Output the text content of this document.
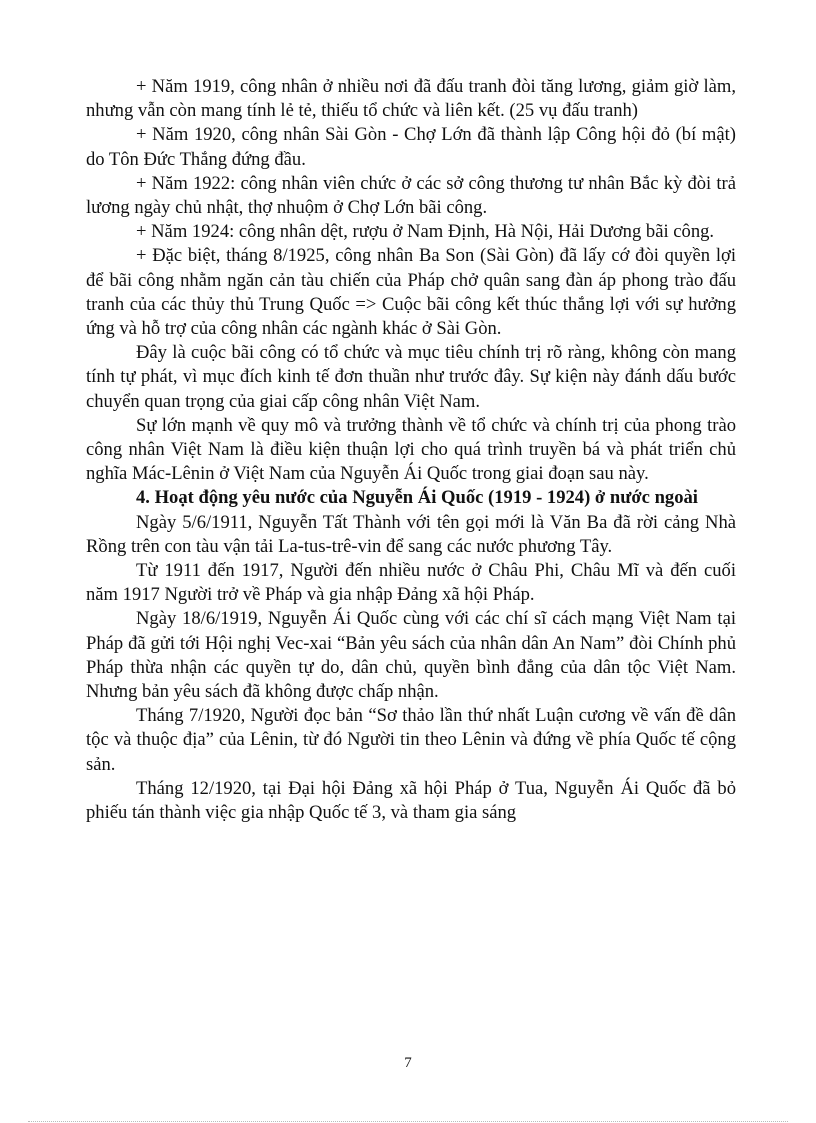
+ Năm 1919, công nhân ở nhiều nơi đã đấu tranh đòi tăng lương, giảm giờ làm, nhưng vẫn còn mang tính lẻ tẻ, thiếu tổ chức và liên kết. (25 vụ đấu tranh)

+ Năm 1920, công nhân Sài Gòn - Chợ Lớn đã thành lập Công hội đỏ (bí mật) do Tôn Đức Thắng đứng đầu.

+ Năm 1922: công nhân viên chức ở các sở công thương tư nhân Bắc kỳ đòi trả lương ngày chủ nhật, thợ nhuộm ở Chợ Lớn bãi công.

+ Năm 1924: công nhân dệt, rượu ở Nam Định, Hà Nội, Hải Dương bãi công.

+ Đặc biệt, tháng 8/1925, công nhân Ba Son (Sài Gòn) đã lấy cớ đòi quyền lợi để bãi công nhằm ngăn cản tàu chiến của Pháp chở quân sang đàn áp phong trào đấu tranh của các thủy thủ Trung Quốc => Cuộc bãi công kết thúc thắng lợi với sự hưởng ứng và hỗ trợ của công nhân các ngành khác ở Sài Gòn.

Đây là cuộc bãi công có tổ chức và mục tiêu chính trị rõ ràng, không còn mang tính tự phát, vì mục đích kinh tế đơn thuần như trước đây. Sự kiện này đánh dấu bước chuyển quan trọng của giai cấp công nhân Việt Nam.

Sự lớn mạnh về quy mô và trưởng thành về tổ chức và chính trị của phong trào công nhân Việt Nam là điều kiện thuận lợi cho quá trình truyền bá và phát triển chủ nghĩa Mác-Lênin ở Việt Nam của Nguyễn Ái Quốc trong giai đoạn sau này.

4. Hoạt động yêu nước của Nguyễn Ái Quốc (1919 - 1924) ở nước ngoài

Ngày 5/6/1911, Nguyễn Tất Thành với tên gọi mới là Văn Ba đã rời cảng Nhà Rồng trên con tàu vận tải La-tus-trê-vin để sang các nước phương Tây.

Từ 1911 đến 1917, Người đến nhiều nước ở Châu Phi, Châu Mĩ và đến cuối năm 1917 Người trở về Pháp và gia nhập Đảng xã hội Pháp.

Ngày 18/6/1919, Nguyễn Ái Quốc cùng với các chí sĩ cách mạng Việt Nam tại Pháp đã gửi tới Hội nghị Vec-xai “Bản yêu sách của nhân dân An Nam” đòi Chính phủ Pháp thừa nhận các quyền tự do, dân chủ, quyền bình đẳng của dân tộc Việt Nam. Nhưng bản yêu sách đã không được chấp nhận.

Tháng 7/1920, Người đọc bản “Sơ thảo lần thứ nhất Luận cương về vấn đề dân tộc và thuộc địa” của Lênin, từ đó Người tin theo Lênin và đứng về phía Quốc tế cộng sản.

Tháng 12/1920, tại Đại hội Đảng xã hội Pháp ở Tua, Nguyễn Ái Quốc đã bỏ phiếu tán thành việc gia nhập Quốc tế 3, và tham gia sáng

7
